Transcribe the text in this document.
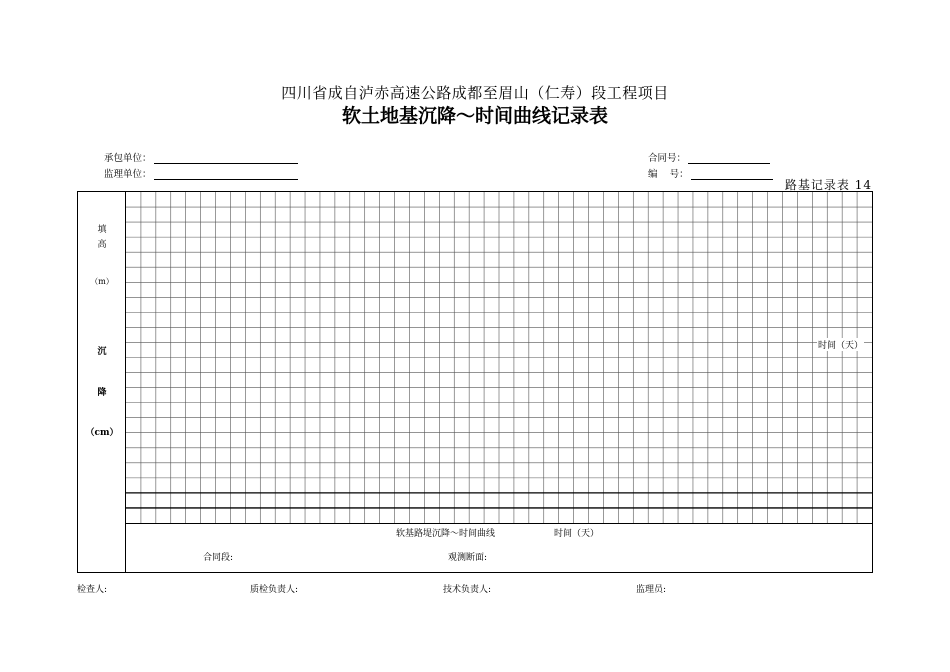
四川省成自泸赤高速公路成都至眉山（仁寿）段工程项目
软土地基沉降～时间曲线记录表
承包单位：
监理单位：
合同号：
编    号：
路基记录表 14
填
高
（m）
沉
降
（cm）
时间（天）
软基路堤沉降～时间曲线	时间（天）
合同段:	观测断面:
检查人:	质检负责人:	技术负责人:	监理员:
